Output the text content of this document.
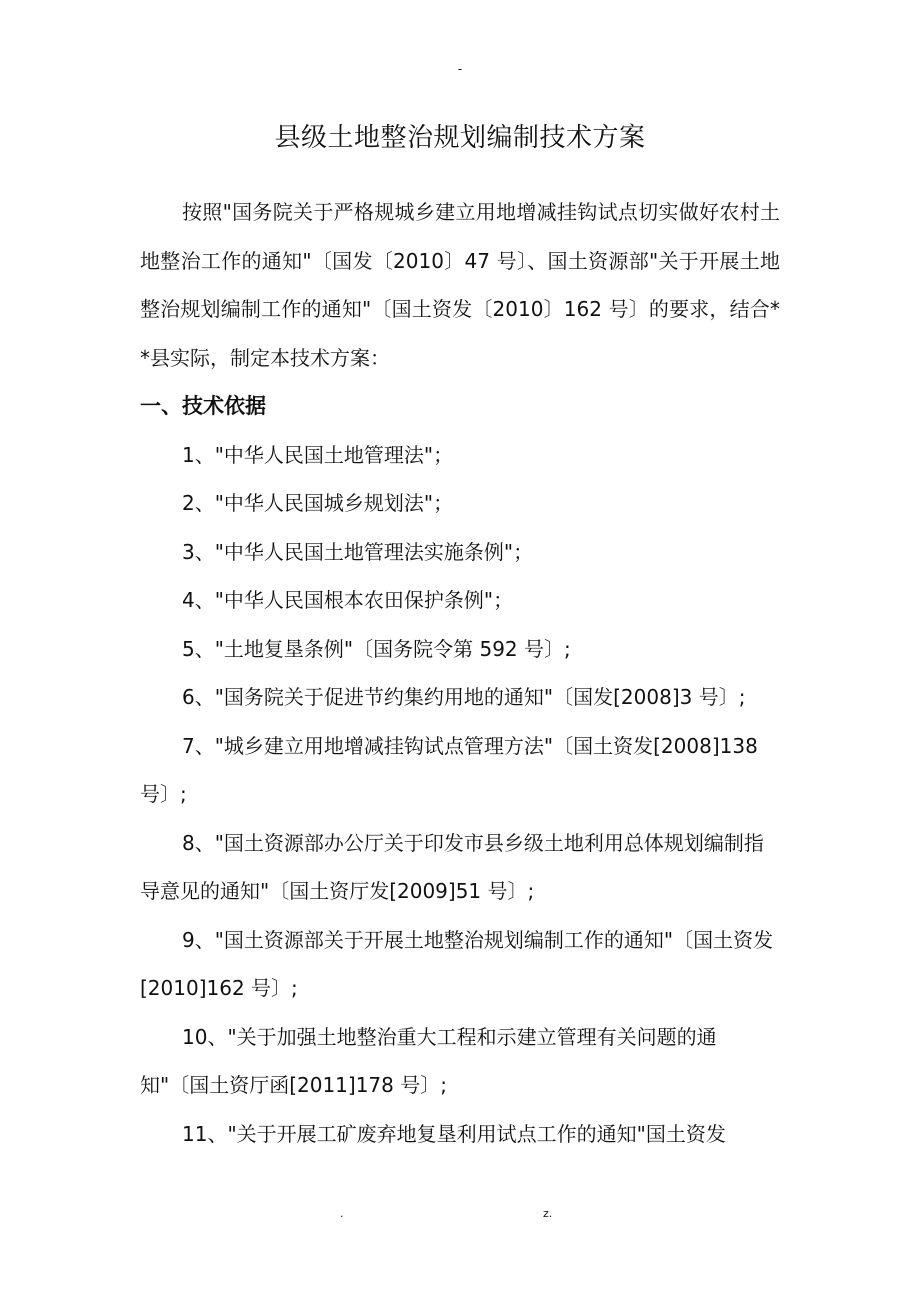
-
县级土地整治规划编制技术方案

按照"国务院关于严格规城乡建立用地增减挂钩试点切实做好农村土地整治工作的通知"〔国发〔2010〕47 号〕、国土资源部"关于开展土地整治规划编制工作的通知"〔国土资发〔2010〕162 号〕的要求，结合**县实际，制定本技术方案：

一、技术依据

1、"中华人民国土地管理法"；

2、"中华人民国城乡规划法"；

3、"中华人民国土地管理法实施条例"；

4、"中华人民国根本农田保护条例"；

5、"土地复垦条例"〔国务院令第 592 号〕;

6、"国务院关于促进节约集约用地的通知"〔国发[2008]3 号〕;

7、"城乡建立用地增减挂钩试点管理方法"〔国土资发[2008]138 号〕;

8、"国土资源部办公厅关于印发市县乡级土地利用总体规划编制指导意见的通知"〔国土资厅发[2009]51 号〕;

9、"国土资源部关于开展土地整治规划编制工作的通知"〔国土资发[2010]162 号〕;

10、"关于加强土地整治重大工程和示建立管理有关问题的通知"〔国土资厅函[2011]178 号〕;

11、"关于开展工矿废弃地复垦利用试点工作的通知"国土资发

.	z.
